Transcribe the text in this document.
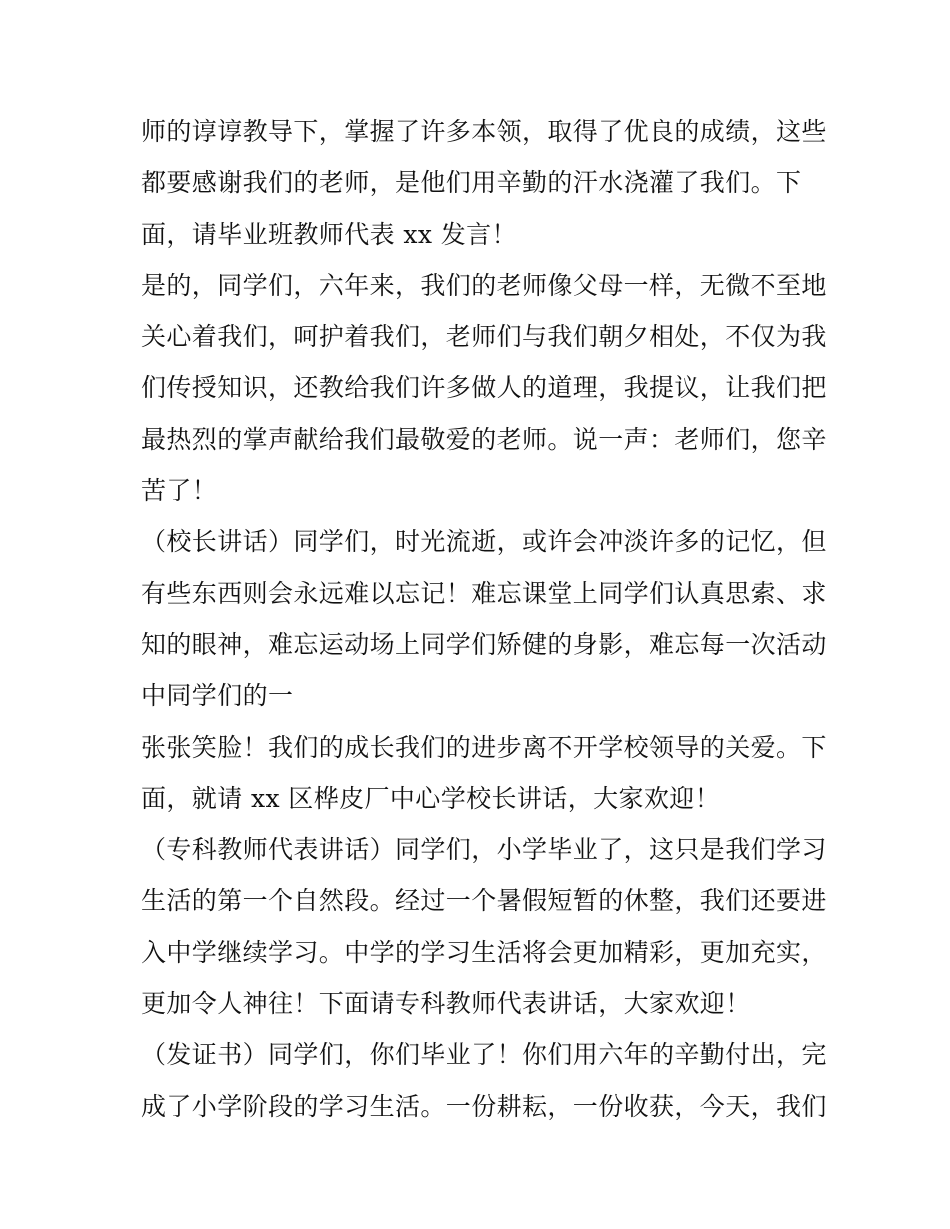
师的谆谆教导下，掌握了许多本领，取得了优良的成绩，这些
都要感谢我们的老师，是他们用辛勤的汗水浇灌了我们。下
面，请毕业班教师代表 xx 发言！
是的，同学们，六年来，我们的老师像父母一样，无微不至地
关心着我们，呵护着我们，老师们与我们朝夕相处，不仅为我
们传授知识，还教给我们许多做人的道理，我提议，让我们把
最热烈的掌声献给我们最敬爱的老师。说一声：老师们，您辛
苦了！
（校长讲话）同学们，时光流逝，或许会冲淡许多的记忆，但
有些东西则会永远难以忘记！难忘课堂上同学们认真思索、求
知的眼神，难忘运动场上同学们矫健的身影，难忘每一次活动
中同学们的一
张张笑脸！我们的成长我们的进步离不开学校领导的关爱。下
面，就请 xx 区桦皮厂中心学校长讲话，大家欢迎！
（专科教师代表讲话）同学们，小学毕业了，这只是我们学习
生活的第一个自然段。经过一个暑假短暂的休整，我们还要进
入中学继续学习。中学的学习生活将会更加精彩，更加充实，
更加令人神往！下面请专科教师代表讲话，大家欢迎！
（发证书）同学们，你们毕业了！你们用六年的辛勤付出，完
成了小学阶段的学习生活。一份耕耘，一份收获，今天，我们
